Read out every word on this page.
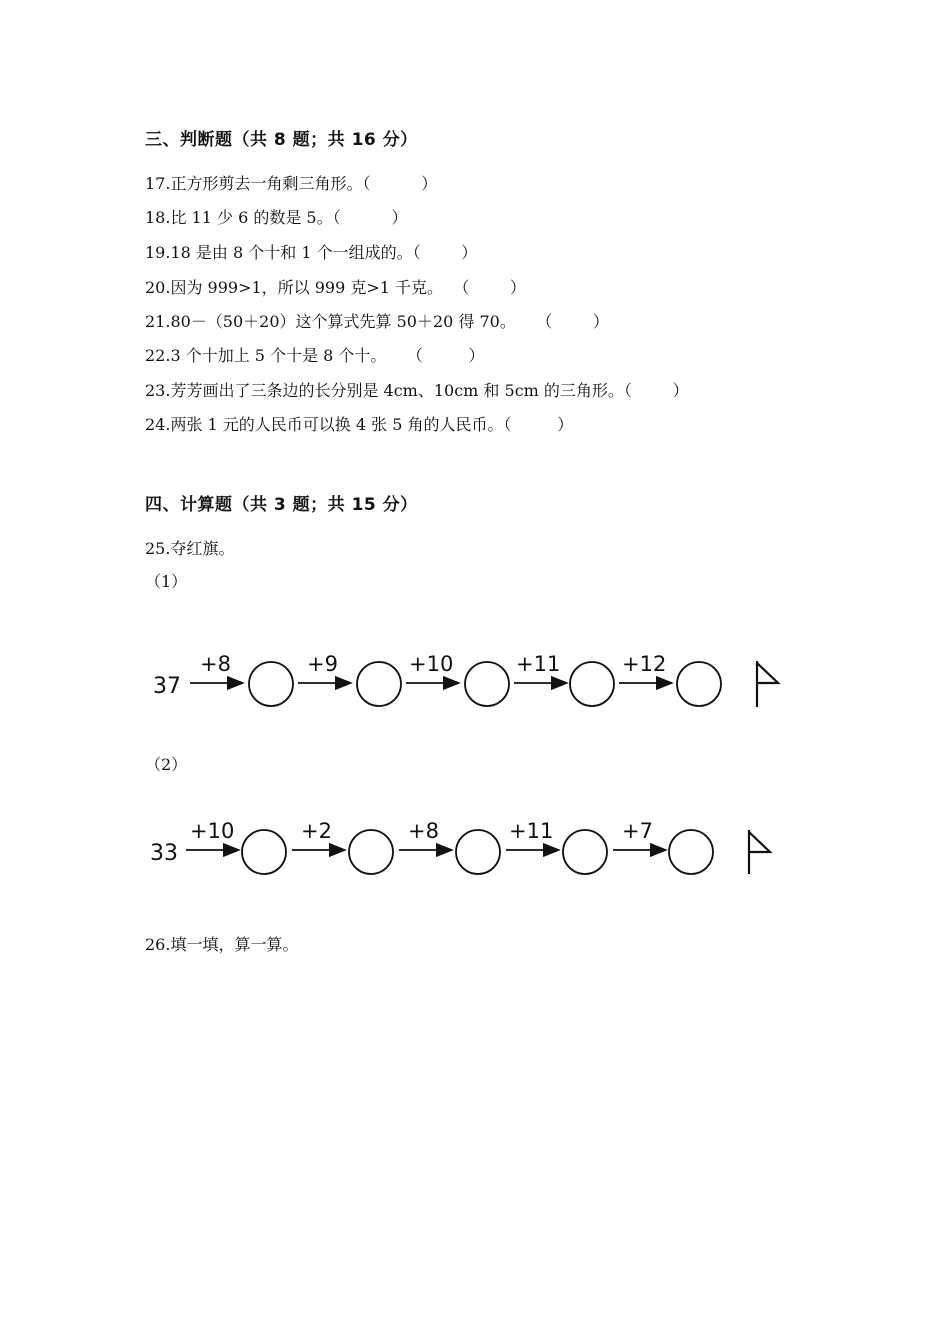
三、判断题（共 8 题；共 16 分）
17.正方形剪去一角剩三角形。（          ）
18.比 11 少 6 的数是 5。（          ）
19.18 是由 8 个十和 1 个一组成的。（        ）
20.因为 999>1，所以 999 克>1 千克。  （        ）
21.80－（50＋20）这个算式先算 50＋20 得 70。    （        ）
22.3 个十加上 5 个十是 8 个十。    （         ）
23.芳芳画出了三条边的长分别是 4cm、10cm 和 5cm 的三角形。（        ）
24.两张 1 元的人民币可以换 4 张 5 角的人民币。（         ）
四、计算题（共 3 题；共 15 分）
25.夺红旗。
（1）
37
+8	+9	+10	+11	+12
（2）
33
+10	+2	+8	+11	+7
26.填一填，算一算。
